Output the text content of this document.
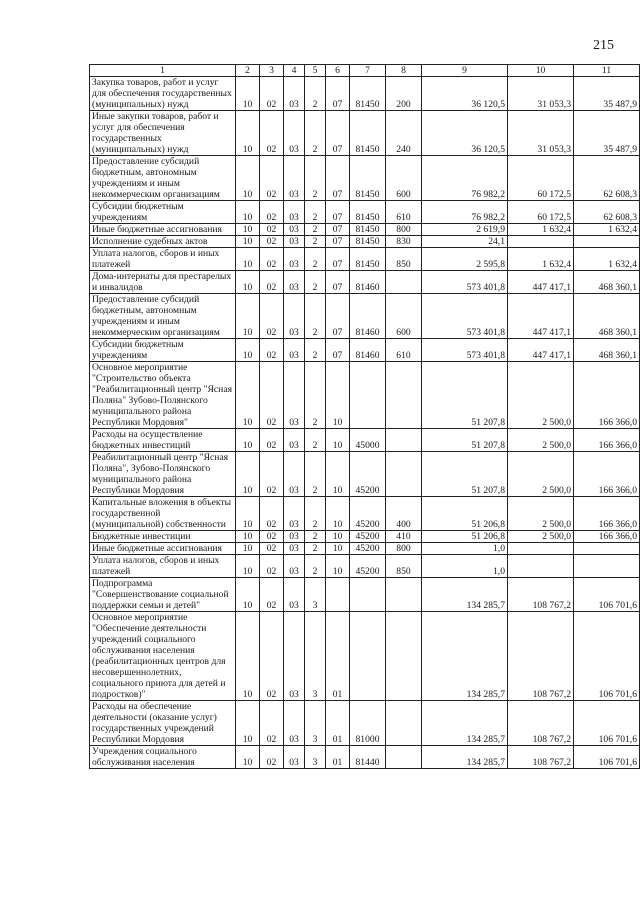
215
1	2	3	4	5	6	7	8	9	10	11
Закупка товаров, работ и услуг для обеспечения государственных (муниципальных) нужд	10	02	03	2	07	81450	200	36 120,5	31 053,3	35 487,9
Иные закупки товаров, работ и услуг для обеспечения государственных (муниципальных) нужд	10	02	03	2	07	81450	240	36 120,5	31 053,3	35 487,9
Предоставление субсидий бюджетным, автономным учреждениям и иным некоммерческим организациям	10	02	03	2	07	81450	600	76 982,2	60 172,5	62 608,3
Субсидии бюджетным учреждениям	10	02	03	2	07	81450	610	76 982,2	60 172,5	62 608,3
Иные бюджетные ассигнования	10	02	03	2	07	81450	800	2 619,9	1 632,4	1 632,4
Исполнение судебных актов	10	02	03	2	07	81450	830	24,1		
Уплата налогов, сборов и иных платежей	10	02	03	2	07	81450	850	2 595,8	1 632,4	1 632,4
Дома-интернаты для престарелых и инвалидов	10	02	03	2	07	81460		573 401,8	447 417,1	468 360,1
Предоставление субсидий бюджетным, автономным учреждениям и иным некоммерческим организациям	10	02	03	2	07	81460	600	573 401,8	447 417,1	468 360,1
Субсидии бюджетным учреждениям	10	02	03	2	07	81460	610	573 401,8	447 417,1	468 360,1
Основное мероприятие "Строительство объекта "Реабилитационный центр "Ясная Поляна" Зубово-Полянского муниципального района Республики Мордовия"	10	02	03	2	10			51 207,8	2 500,0	166 366,0
Расходы на осуществление бюджетных инвестиций	10	02	03	2	10	45000		51 207,8	2 500,0	166 366,0
Реабилитационный центр "Ясная Поляна", Зубово-Полянского муниципального района Республики Мордовия	10	02	03	2	10	45200		51 207,8	2 500,0	166 366,0
Капитальные вложения в объекты государственной (муниципальной) собственности	10	02	03	2	10	45200	400	51 206,8	2 500,0	166 366,0
Бюджетные инвестиции	10	02	03	2	10	45200	410	51 206,8	2 500,0	166 366,0
Иные бюджетные ассигнования	10	02	03	2	10	45200	800	1,0		
Уплата налогов, сборов и иных платежей	10	02	03	2	10	45200	850	1,0		
Подпрограмма "Совершенствование социальной поддержки семьи и детей"	10	02	03	3				134 285,7	108 767,2	106 701,6
Основное мероприятие "Обеспечение деятельности учреждений социального обслуживания населения (реабилитационных центров для несовершеннолетних, социального приюта для детей и подростков)"	10	02	03	3	01			134 285,7	108 767,2	106 701,6
Расходы на обеспечение деятельности (оказание услуг) государственных учреждений Республики Мордовия	10	02	03	3	01	81000		134 285,7	108 767,2	106 701,6
Учреждения социального обслуживания населения	10	02	03	3	01	81440		134 285,7	108 767,2	106 701,6
